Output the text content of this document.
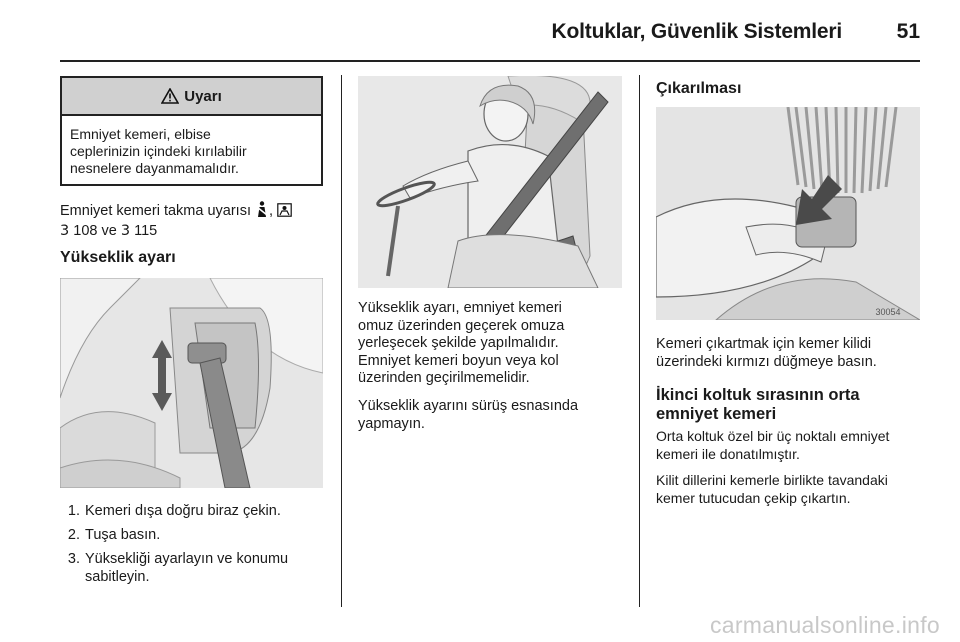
Koltuklar, Güvenlik Sistemleri	51
Uyarı
Emniyet kemeri, elbise
ceplerinizin içindeki kırılabilir
nesnelere dayanmamalıdır.
Emniyet kemeri takma uyarısı ,
3 108 ve 3 115
Yükseklik ayarı
1. Kemeri dışa doğru biraz çekin.
2. Tuşa basın.
3. Yüksekliği ayarlayın ve konumu
sabitleyin.
Yükseklik ayarı, emniyet kemeri
omuz üzerinden geçerek omuza
yerleşecek şekilde yapılmalıdır.
Emniyet kemeri boyun veya kol
üzerinden geçirilmemelidir.
Yükseklik ayarını sürüş esnasında
yapmayın.
Çıkarılması
30054
Kemeri çıkartmak için kemer kilidi
üzerindeki kırmızı düğmeye basın.
İkinci koltuk sırasının orta
emniyet kemeri
Orta koltuk özel bir üç noktalı emniyet
kemeri ile donatılmıştır.
Kilit dillerini kemerle birlikte tavandaki
kemer tutucudan çekip çıkartın.
carmanualsonline.info
